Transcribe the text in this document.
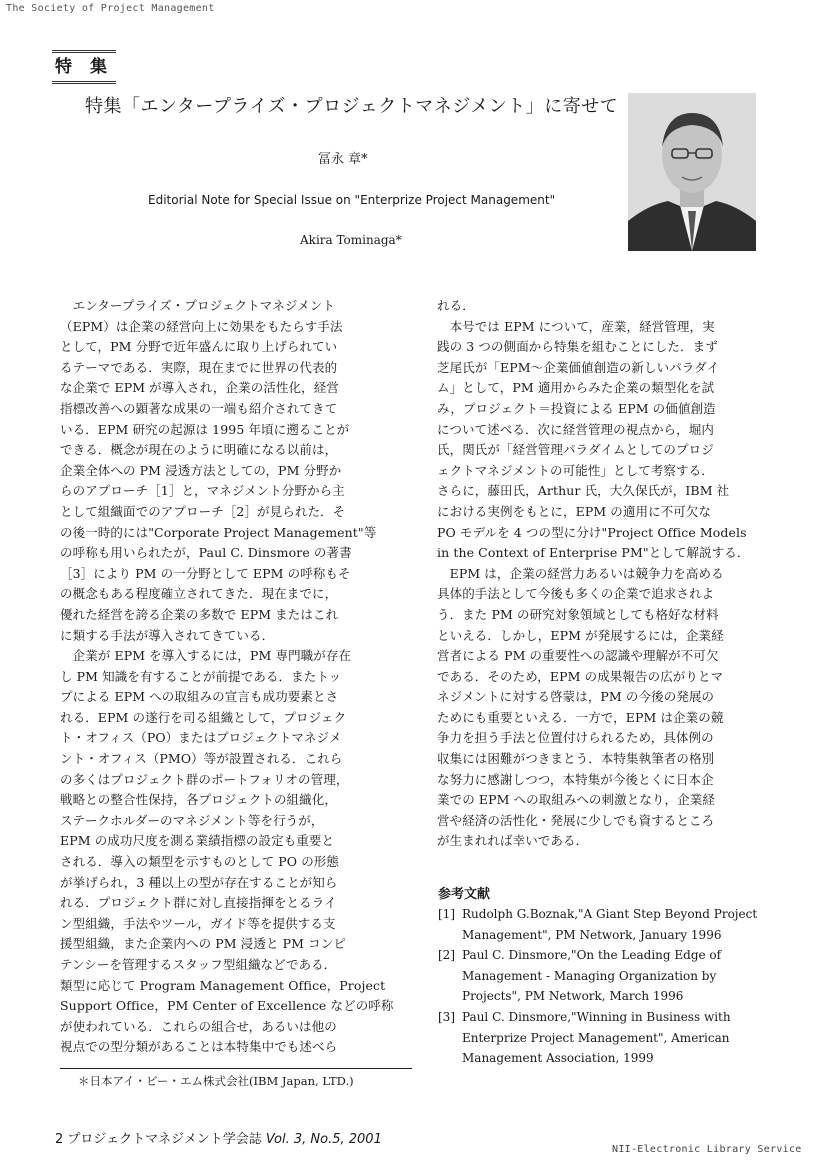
The Society of Project Management
特 集
特集「エンタープライズ・プロジェクトマネジメント」に寄せて
冨永 章*
Editorial Note for Special Issue on "Enterprize Project Management"
Akira Tominaga*

　エンタープライズ・プロジェクトマネジメント

（EPM）は企業の経営向上に効果をもたらす手法

として，PM 分野で近年盛んに取り上げられてい

るテーマである．実際，現在までに世界の代表的

な企業で EPM が導入され，企業の活性化，経営

指標改善への顕著な成果の一端も紹介されてきて

いる．EPM 研究の起源は 1995 年頃に遡ることが

できる．概念が現在のように明確になる以前は，

企業全体への PM 浸透方法としての，PM 分野か

らのアプローチ［1］と，マネジメント分野から主

として組織面でのアプローチ［2］が見られた．そ

の後一時的には"Corporate Project Management"等

の呼称も用いられたが，Paul C. Dinsmore の著書

［3］により PM の一分野として EPM の呼称もそ

の概念もある程度確立されてきた．現在までに，

優れた経営を誇る企業の多数で EPM またはこれ

に類する手法が導入されてきている．

　企業が EPM を導入するには，PM 専門職が存在

し PM 知識を有することが前提である．またトッ

プによる EPM への取組みの宣言も成功要素とさ

れる．EPM の遂行を司る組織として，プロジェク

ト・オフィス（PO）またはプロジェクトマネジメ

ント・オフィス（PMO）等が設置される．これら

の多くはプロジェクト群のポートフォリオの管理，

戦略との整合性保持，各プロジェクトの組織化，

ステークホルダーのマネジメント等を行うが，

EPM の成功尺度を測る業績指標の設定も重要と

される．導入の類型を示すものとして PO の形態

が挙げられ，3 種以上の型が存在することが知ら

れる．プロジェクト群に対し直接指揮をとるライ

ン型組織，手法やツール，ガイド等を提供する支

援型組織，また企業内への PM 浸透と PM コンピ

テンシーを管理するスタッフ型組織などである．

類型に応じて Program Management Office，Project

Support Office，PM Center of Excellence などの呼称

が使われている．これらの組合せ，あるいは他の

視点での型分類があることは本特集中でも述べら

れる．

　本号では EPM について，産業，経営管理，実

践の 3 つの側面から特集を組むことにした．まず

芝尾氏が「EPM～企業価値創造の新しいパラダイ

ム」として，PM 適用からみた企業の類型化を試

み，プロジェクト＝投資による EPM の価値創造

について述べる．次に経営管理の視点から，堀内

氏，関氏が「経営管理パラダイムとしてのプロジ

ェクトマネジメントの可能性」として考察する．

さらに，藤田氏，Arthur 氏，大久保氏が，IBM 社

における実例をもとに，EPM の適用に不可欠な

PO モデルを 4 つの型に分け"Project Office Models

in the Context of Enterprise PM"として解説する．

　EPM は，企業の経営力あるいは競争力を高める

具体的手法として今後も多くの企業で追求されよ

う．また PM の研究対象領域としても格好な材料

といえる．しかし，EPM が発展するには，企業経

営者による PM の重要性への認識や理解が不可欠

である．そのため，EPM の成果報告の広がりとマ

ネジメントに対する啓蒙は，PM の今後の発展の

ためにも重要といえる．一方で，EPM は企業の競

争力を担う手法と位置付けられるため，具体例の

収集には困難がつきまとう．本特集執筆者の格別

な努力に感謝しつつ，本特集が今後とくに日本企

業での EPM への取組みへの刺激となり，企業経

営や経済の活性化・発展に少しでも資するところ

が生まれれば幸いである．

＊日本アイ・ビー・エム株式会社(IBM Japan, LTD.)
参考文献
[1] Rudolph G.Boznak,"A Giant Step Beyond Project
Management", PM Network, January 1996
[2] Paul C. Dinsmore,"On the Leading Edge of
Management - Managing Organization by
Projects", PM Network, March 1996
[3] Paul C. Dinsmore,"Winning in Business with
Enterprize Project Management", American
Management Association, 1999
2 プロジェクトマネジメント学会誌 Vol. 3, No.5, 2001
NII-Electronic Library Service
